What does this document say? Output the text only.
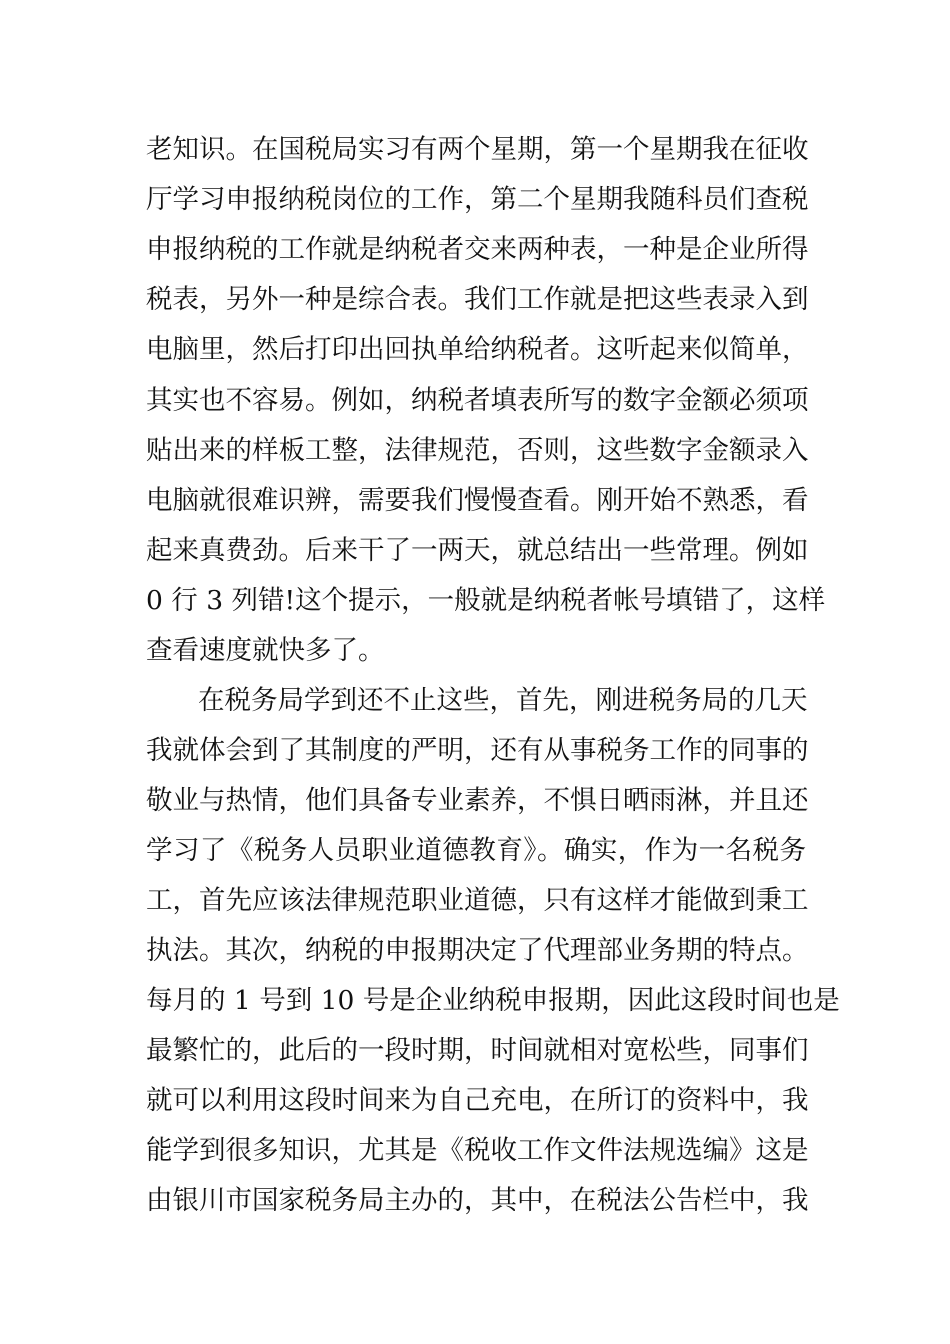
老知识。在国税局实习有两个星期，第一个星期我在征收

厅学习申报纳税岗位的工作，第二个星期我随科员们查税

申报纳税的工作就是纳税者交来两种表，一种是企业所得

税表，另外一种是综合表。我们工作就是把这些表录入到

电脑里，然后打印出回执单给纳税者。这听起来似简单，

其实也不容易。例如，纳税者填表所写的数字金额必须项

贴出来的样板工整，法律规范，否则，这些数字金额录入

电脑就很难识辨，需要我们慢慢查看。刚开始不熟悉，看

起来真费劲。后来干了一两天，就总结出一些常理。例如

0 行 3 列错!这个提示，一般就是纳税者帐号填错了，这样

查看速度就快多了。

在税务局学到还不止这些，首先，刚进税务局的几天

我就体会到了其制度的严明，还有从事税务工作的同事的

敬业与热情，他们具备专业素养，不惧日晒雨淋，并且还

学习了《税务人员职业道德教育》。确实，作为一名税务

工，首先应该法律规范职业道德，只有这样才能做到秉工

执法。其次，纳税的申报期决定了代理部业务期的特点。

每月的 1 号到 10 号是企业纳税申报期，因此这段时间也是

最繁忙的，此后的一段时期，时间就相对宽松些，同事们

就可以利用这段时间来为自己充电，在所订的资料中，我

能学到很多知识，尤其是《税收工作文件法规选编》这是

由银川市国家税务局主办的，其中，在税法公告栏中，我
